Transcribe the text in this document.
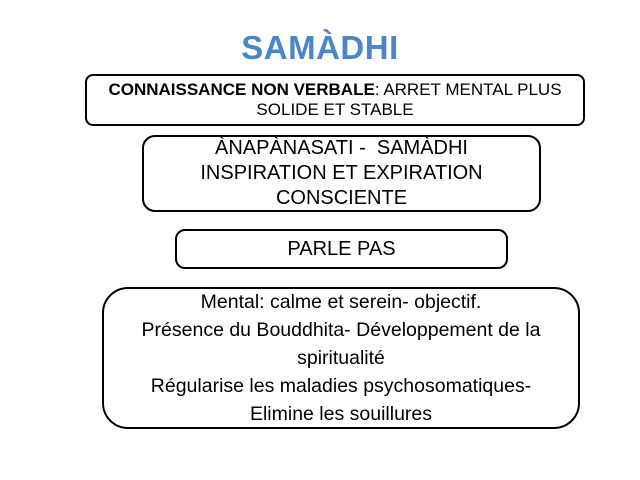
SAMÀDHI
CONNAISSANCE NON VERBALE: ARRET MENTAL PLUS
SOLIDE ET STABLE
ÀNAPÀNASATI -  SAMÀDHI
INSPIRATION ET EXPIRATION
CONSCIENTE
PARLE PAS
Mental: calme et serein- objectif.
Présence du Bouddhita- Développement de la
spiritualité
Régularise les maladies psychosomatiques-
Elimine les souillures
